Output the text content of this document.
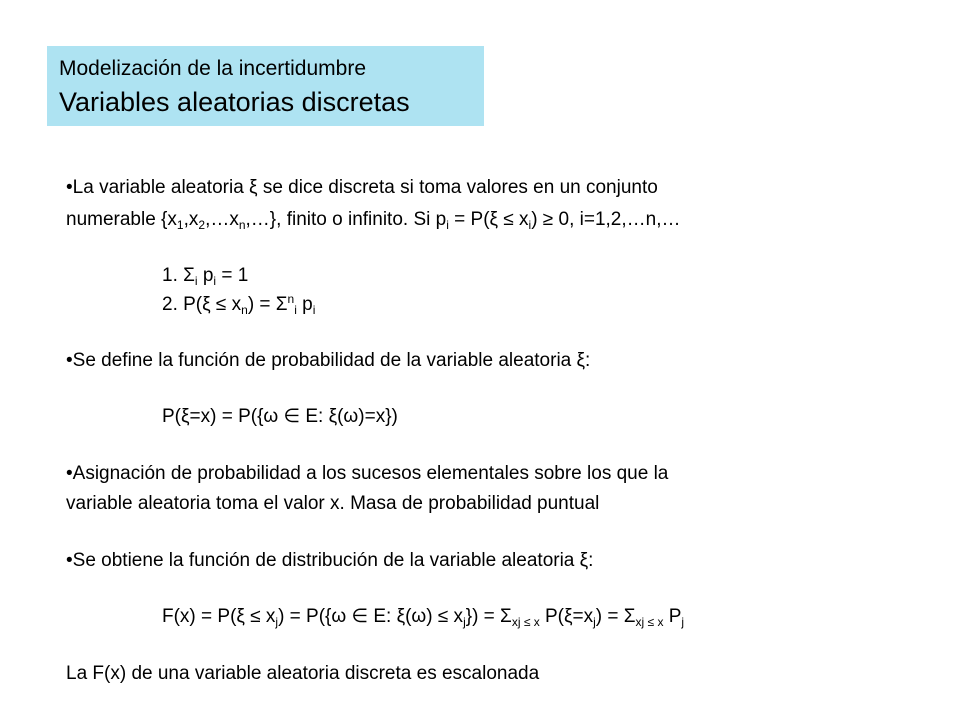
Modelización de la incertidumbre
Variables aleatorias discretas
•La variable aleatoria ξ se dice discreta si toma valores en un conjunto
numerable $\{x_1,x_2,\dots x_n,\dots\}$, finito o infinito. Si $p_i = P(\xi \le x_i) \ge 0$, i=1,2,…n,…
1. $\Sigma_i$ $p_i = 1$
2. $P(\xi \le x_n) = \Sigma^n_i$ $p_i$
•Se define la función de probabilidad de la variable aleatoria ξ:
P(ξ=x) = P({ω ∈ E: ξ(ω)=x})
•Asignación de probabilidad a los sucesos elementales sobre los que la
variable aleatoria toma el valor x. Masa de probabilidad puntual
•Se obtiene la función de distribución de la variable aleatoria ξ:
$F(x) = P(\xi \le x_j) = P(\{\omega$ ∈ E: $\xi(\omega) \le x_j\}) = \Sigma_{xj \le x}$ $P(\xi=x_j) = \Sigma_{xj \le x}$ $P_j$
La F(x) de una variable aleatoria discreta es escalonada
